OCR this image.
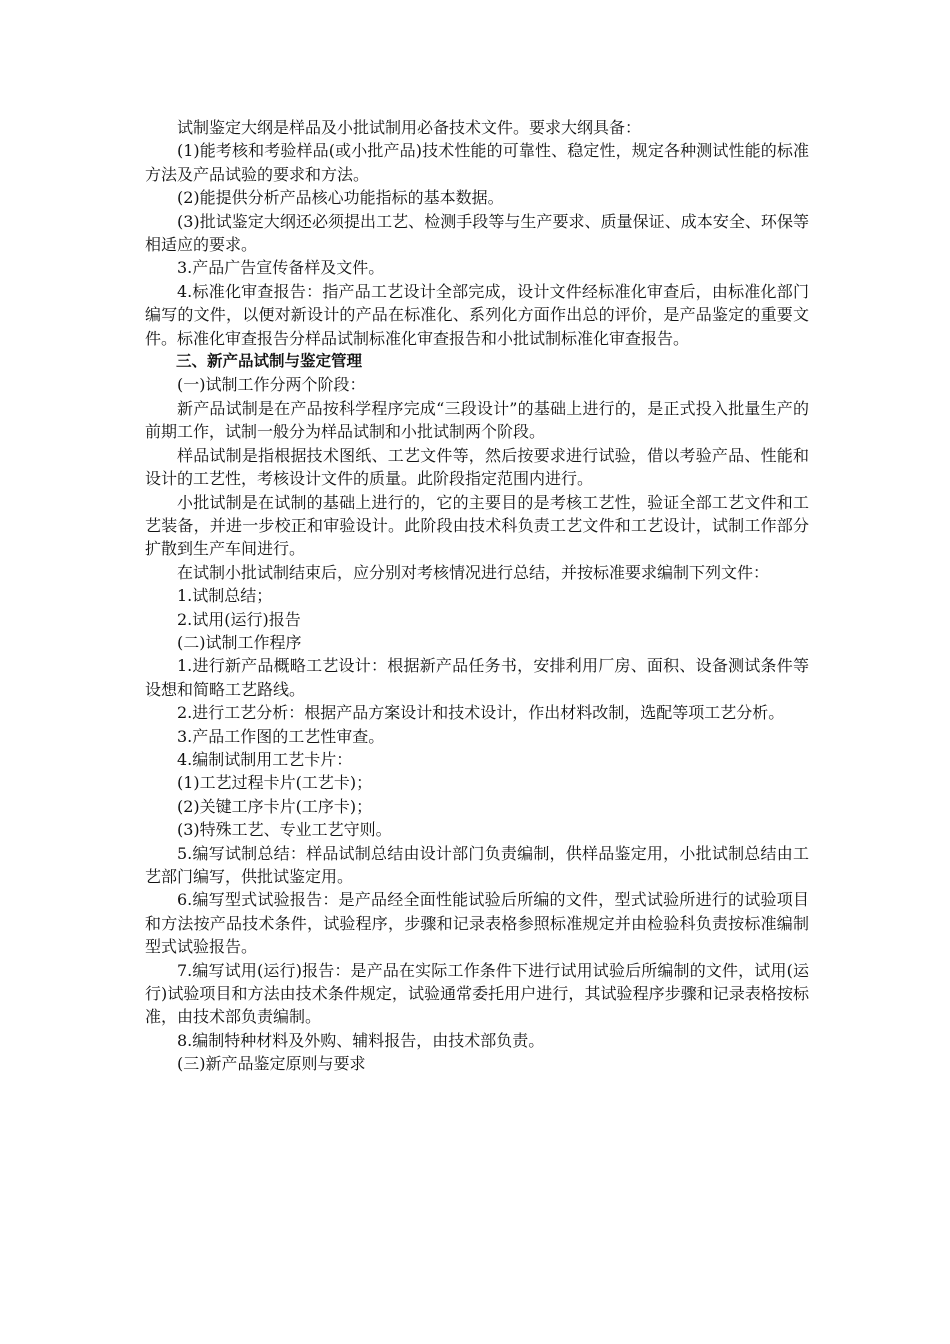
试制鉴定大纲是样品及小批试制用必备技术文件。要求大纲具备：

(1)能考核和考验样品(或小批产品)技术性能的可靠性、稳定性，规定各种测试性能的标准方法及产品试验的要求和方法。

(2)能提供分析产品核心功能指标的基本数据。

(3)批试鉴定大纲还必须提出工艺、检测手段等与生产要求、质量保证、成本安全、环保等相适应的要求。

3.产品广告宣传备样及文件。

4.标准化审查报告：指产品工艺设计全部完成，设计文件经标准化审查后，由标准化部门编写的文件，以便对新设计的产品在标准化、系列化方面作出总的评价，是产品鉴定的重要文件。标准化审查报告分样品试制标准化审查报告和小批试制标准化审查报告。

三、新产品试制与鉴定管理

(一)试制工作分两个阶段：

新产品试制是在产品按科学程序完成“三段设计”的基础上进行的，是正式投入批量生产的前期工作，试制一般分为样品试制和小批试制两个阶段。

样品试制是指根据技术图纸、工艺文件等，然后按要求进行试验，借以考验产品、性能和设计的工艺性，考核设计文件的质量。此阶段指定范围内进行。

小批试制是在试制的基础上进行的，它的主要目的是考核工艺性，验证全部工艺文件和工艺装备，并进一步校正和审验设计。此阶段由技术科负责工艺文件和工艺设计，试制工作部分扩散到生产车间进行。

在试制小批试制结束后，应分别对考核情况进行总结，并按标准要求编制下列文件：

1.试制总结；

2.试用(运行)报告

(二)试制工作程序

1.进行新产品概略工艺设计：根据新产品任务书，安排利用厂房、面积、设备测试条件等设想和简略工艺路线。

2.进行工艺分析：根据产品方案设计和技术设计，作出材料改制，选配等项工艺分析。

3.产品工作图的工艺性审查。

4.编制试制用工艺卡片：

(1)工艺过程卡片(工艺卡)；

(2)关键工序卡片(工序卡)；

(3)特殊工艺、专业工艺守则。

5.编写试制总结：样品试制总结由设计部门负责编制，供样品鉴定用，小批试制总结由工艺部门编写，供批试鉴定用。

6.编写型式试验报告：是产品经全面性能试验后所编的文件，型式试验所进行的试验项目和方法按产品技术条件，试验程序，步骤和记录表格参照标准规定并由检验科负责按标准编制型式试验报告。

7.编写试用(运行)报告：是产品在实际工作条件下进行试用试验后所编制的文件，试用(运行)试验项目和方法由技术条件规定，试验通常委托用户进行，其试验程序步骤和记录表格按标准，由技术部负责编制。

8.编制特种材料及外购、辅料报告，由技术部负责。

(三)新产品鉴定原则与要求
